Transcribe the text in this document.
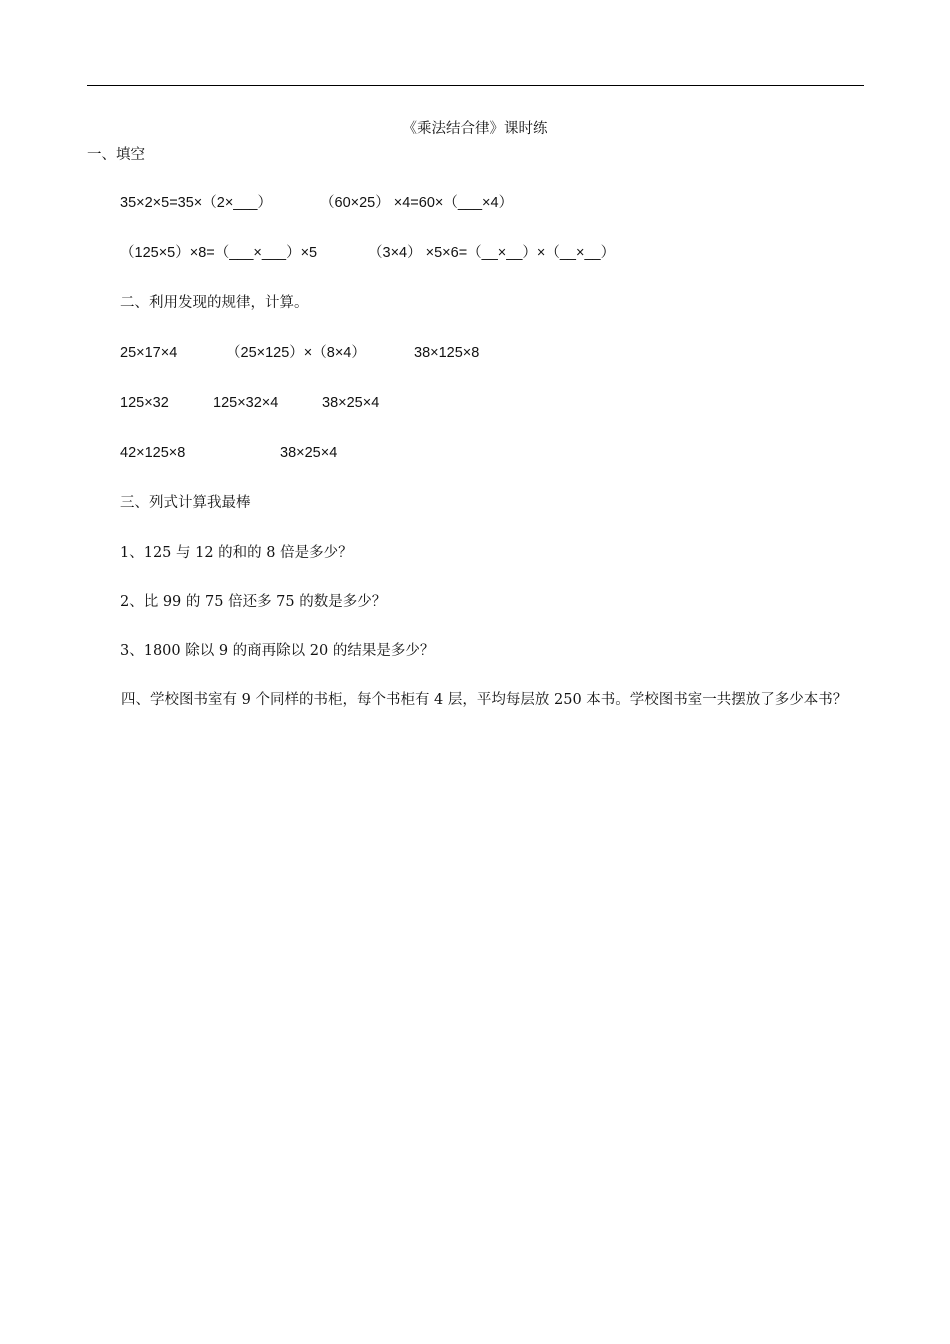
《乘法结合律》课时练
一、填空
35×2×5=35×（2×___）	（60×25） ×4=60×（___×4）
（125×5）×8=（___×___）×5	（3×4） ×5×6=（__×__）×（__×__）
二、利用发现的规律，计算。
25×17×4	（25×125）×（8×4）	38×125×8
125×32	125×32×4	38×25×4
42×125×8	38×25×4
三、列式计算我最棒
1、125 与 12 的和的 8 倍是多少？
2、比 99 的 75 倍还多 75 的数是多少？
3、1800 除以 9 的商再除以 20 的结果是多少？
四、学校图书室有 9 个同样的书柜，每个书柜有 4 层，平均每层放 250 本书。学校图书室一共摆放了多少本书？
